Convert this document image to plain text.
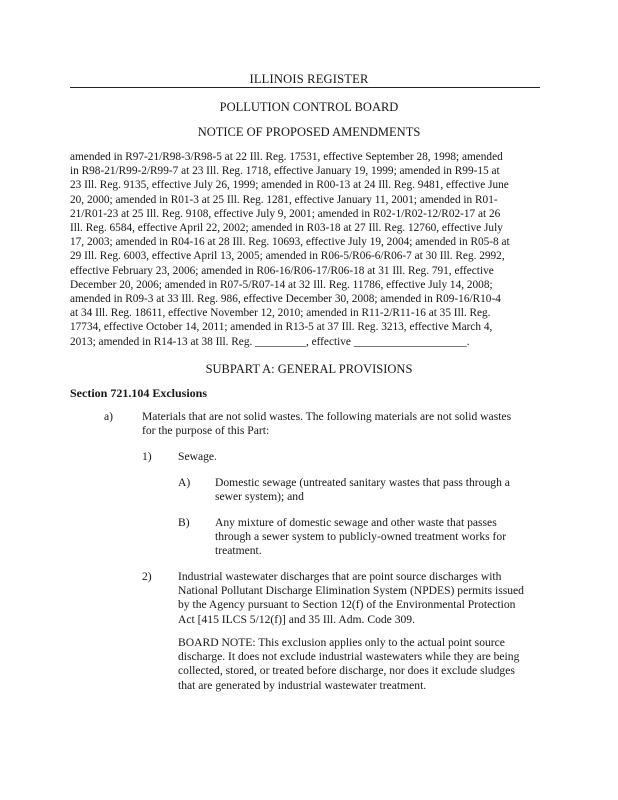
ILLINOIS REGISTER
POLLUTION CONTROL BOARD
NOTICE OF PROPOSED AMENDMENTS
amended in R97-21/R98-3/R98-5 at 22 Ill. Reg. 17531, effective September 28, 1998; amended
in R98-21/R99-2/R99-7 at 23 Ill. Reg. 1718, effective January 19, 1999; amended in R99-15 at
23 Ill. Reg. 9135, effective July 26, 1999; amended in R00-13 at 24 Ill. Reg. 9481, effective June
20, 2000; amended in R01-3 at 25 Ill. Reg. 1281, effective January 11, 2001; amended in R01-
21/R01-23 at 25 Ill. Reg. 9108, effective July 9, 2001; amended in R02-1/R02-12/R02-17 at 26
Ill. Reg. 6584, effective April 22, 2002; amended in R03-18 at 27 Ill. Reg. 12760, effective July
17, 2003; amended in R04-16 at 28 Ill. Reg. 10693, effective July 19, 2004; amended in R05-8 at
29 Ill. Reg. 6003, effective April 13, 2005; amended in R06-5/R06-6/R06-7 at 30 Ill. Reg. 2992,
effective February 23, 2006; amended in R06-16/R06-17/R06-18 at 31 Ill. Reg. 791, effective
December 20, 2006; amended in R07-5/R07-14 at 32 Ill. Reg. 11786, effective July 14, 2008;
amended in R09-3 at 33 Ill. Reg. 986, effective December 30, 2008; amended in R09-16/R10-4
at 34 Ill. Reg. 18611, effective November 12, 2010; amended in R11-2/R11-16 at 35 Ill. Reg.
17734, effective October 14, 2011; amended in R13-5 at 37 Ill. Reg. 3213, effective March 4,
2013; amended in R14-13 at 38 Ill. Reg. _________, effective ____________________.
SUBPART A: GENERAL PROVISIONS
Section 721.104 Exclusions
a) Materials that are not solid wastes. The following materials are not solid wastes
for the purpose of this Part:
1) Sewage.
A) Domestic sewage (untreated sanitary wastes that pass through a
sewer system); and
B) Any mixture of domestic sewage and other waste that passes
through a sewer system to publicly-owned treatment works for
treatment.
2) Industrial wastewater discharges that are point source discharges with
National Pollutant Discharge Elimination System (NPDES) permits issued
by the Agency pursuant to Section 12(f) of the Environmental Protection
Act [415 ILCS 5/12(f)] and 35 Ill. Adm. Code 309.
BOARD NOTE: This exclusion applies only to the actual point source
discharge. It does not exclude industrial wastewaters while they are being
collected, stored, or treated before discharge, nor does it exclude sludges
that are generated by industrial wastewater treatment.
